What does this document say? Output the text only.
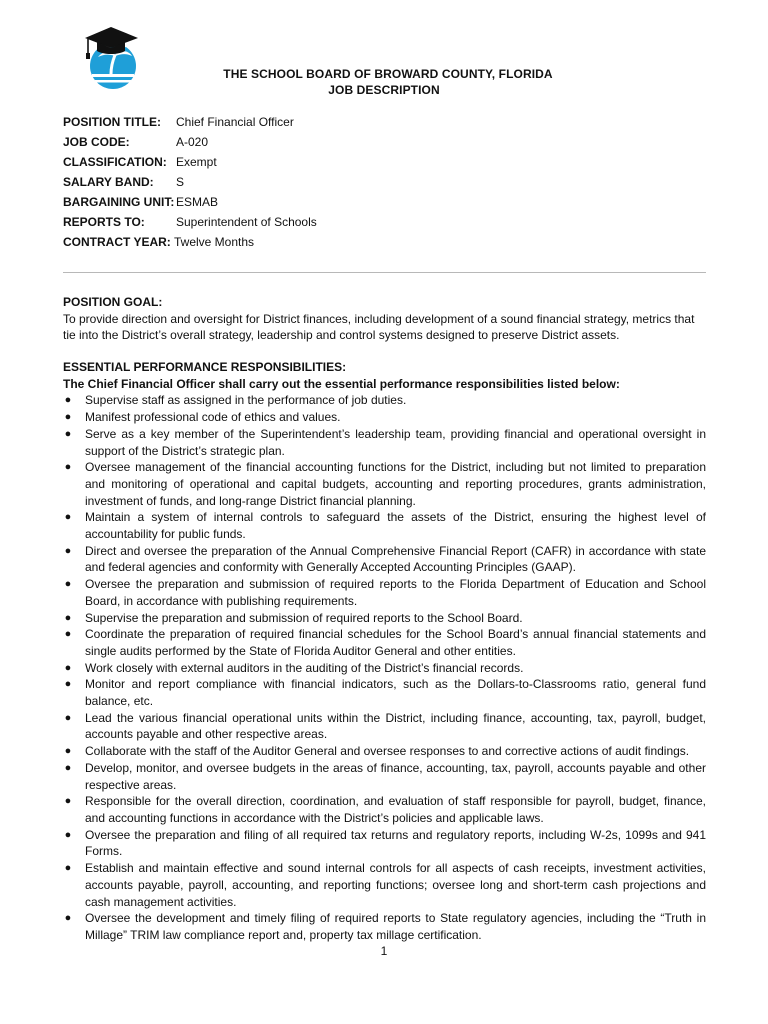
THE SCHOOL BOARD OF BROWARD COUNTY, FLORIDA
JOB DESCRIPTION
POSITION TITLE:	Chief Financial Officer
JOB CODE:	A-020
CLASSIFICATION: Exempt
SALARY BAND:	S
BARGAINING UNIT: ESMAB
REPORTS TO:	Superintendent of Schools
CONTRACT YEAR: Twelve Months
POSITION GOAL:
To provide direction and oversight for District finances, including development of a sound financial strategy, metrics that tie into the District’s overall strategy, leadership and control systems designed to preserve District assets.
ESSENTIAL PERFORMANCE RESPONSIBILITIES:
The Chief Financial Officer shall carry out the essential performance responsibilities listed below:
● Supervise staff as assigned in the performance of job duties.
● Manifest professional code of ethics and values.
● Serve as a key member of the Superintendent’s leadership team, providing financial and operational oversight in support of the District’s strategic plan.
● Oversee management of the financial accounting functions for the District, including but not limited to preparation and monitoring of operational and capital budgets, accounting and reporting procedures, grants administration, investment of funds, and long-range District financial planning.
● Maintain a system of internal controls to safeguard the assets of the District, ensuring the highest level of accountability for public funds.
● Direct and oversee the preparation of the Annual Comprehensive Financial Report (CAFR) in accordance with state and federal agencies and conformity with Generally Accepted Accounting Principles (GAAP).
● Oversee the preparation and submission of required reports to the Florida Department of Education and School Board, in accordance with publishing requirements.
● Supervise the preparation and submission of required reports to the School Board.
● Coordinate the preparation of required financial schedules for the School Board’s annual financial statements and single audits performed by the State of Florida Auditor General and other entities.
● Work closely with external auditors in the auditing of the District’s financial records.
● Monitor and report compliance with financial indicators, such as the Dollars-to-Classrooms ratio, general fund balance, etc.
● Lead the various financial operational units within the District, including finance, accounting, tax, payroll, budget, accounts payable and other respective areas.
● Collaborate with the staff of the Auditor General and oversee responses to and corrective actions of audit findings.
● Develop, monitor, and oversee budgets in the areas of finance, accounting, tax, payroll, accounts payable and other respective areas.
● Responsible for the overall direction, coordination, and evaluation of staff responsible for payroll, budget, finance, and accounting functions in accordance with the District’s policies and applicable laws.
● Oversee the preparation and filing of all required tax returns and regulatory reports, including W-2s, 1099s and 941 Forms.
● Establish and maintain effective and sound internal controls for all aspects of cash receipts, investment activities, accounts payable, payroll, accounting, and reporting functions; oversee long and short-term cash projections and cash management activities.
● Oversee the development and timely filing of required reports to State regulatory agencies, including the “Truth in Millage” TRIM law compliance report and, property tax millage certification.
1
